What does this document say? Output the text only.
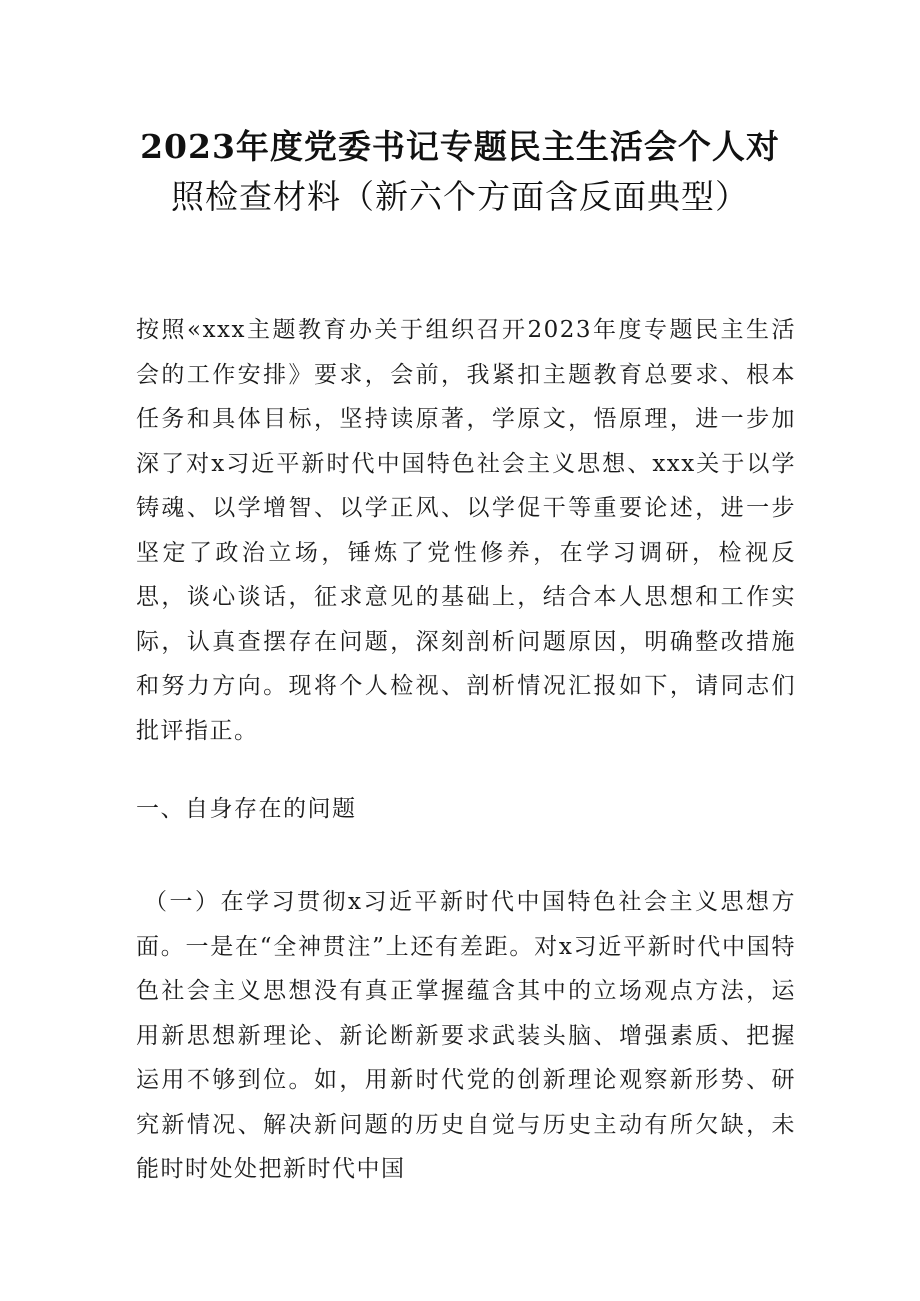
2023年度党委书记专题民主生活会个人对
照检查材料（新六个方面含反面典型）
按照«xxx主题教育办关于组织召开2023年度专题民主生活会的工作安排》要求，会前，我紧扣主题教育总要求、根本任务和具体目标，坚持读原著，学原文，悟原理，进一步加深了对x习近平新时代中国特色社会主义思想、xxx关于以学铸魂、以学增智、以学正风、以学促干等重要论述，进一步坚定了政治立场，锤炼了党性修养，在学习调研，检视反思，谈心谈话，征求意见的基础上，结合本人思想和工作实际，认真查摆存在问题，深刻剖析问题原因，明确整改措施和努力方向。现将个人检视、剖析情况汇报如下，请同志们批评指正。
一、自身存在的问题
（一）在学习贯彻x习近平新时代中国特色社会主义思想方面。一是在“全神贯注”上还有差距。对x习近平新时代中国特色社会主义思想没有真正掌握蕴含其中的立场观点方法，运用新思想新理论、新论断新要求武装头脑、增强素质、把握运用不够到位。如，用新时代党的创新理论观察新形势、研究新情况、解决新问题的历史自觉与历史主动有所欠缺，未能时时处处把新时代中国
